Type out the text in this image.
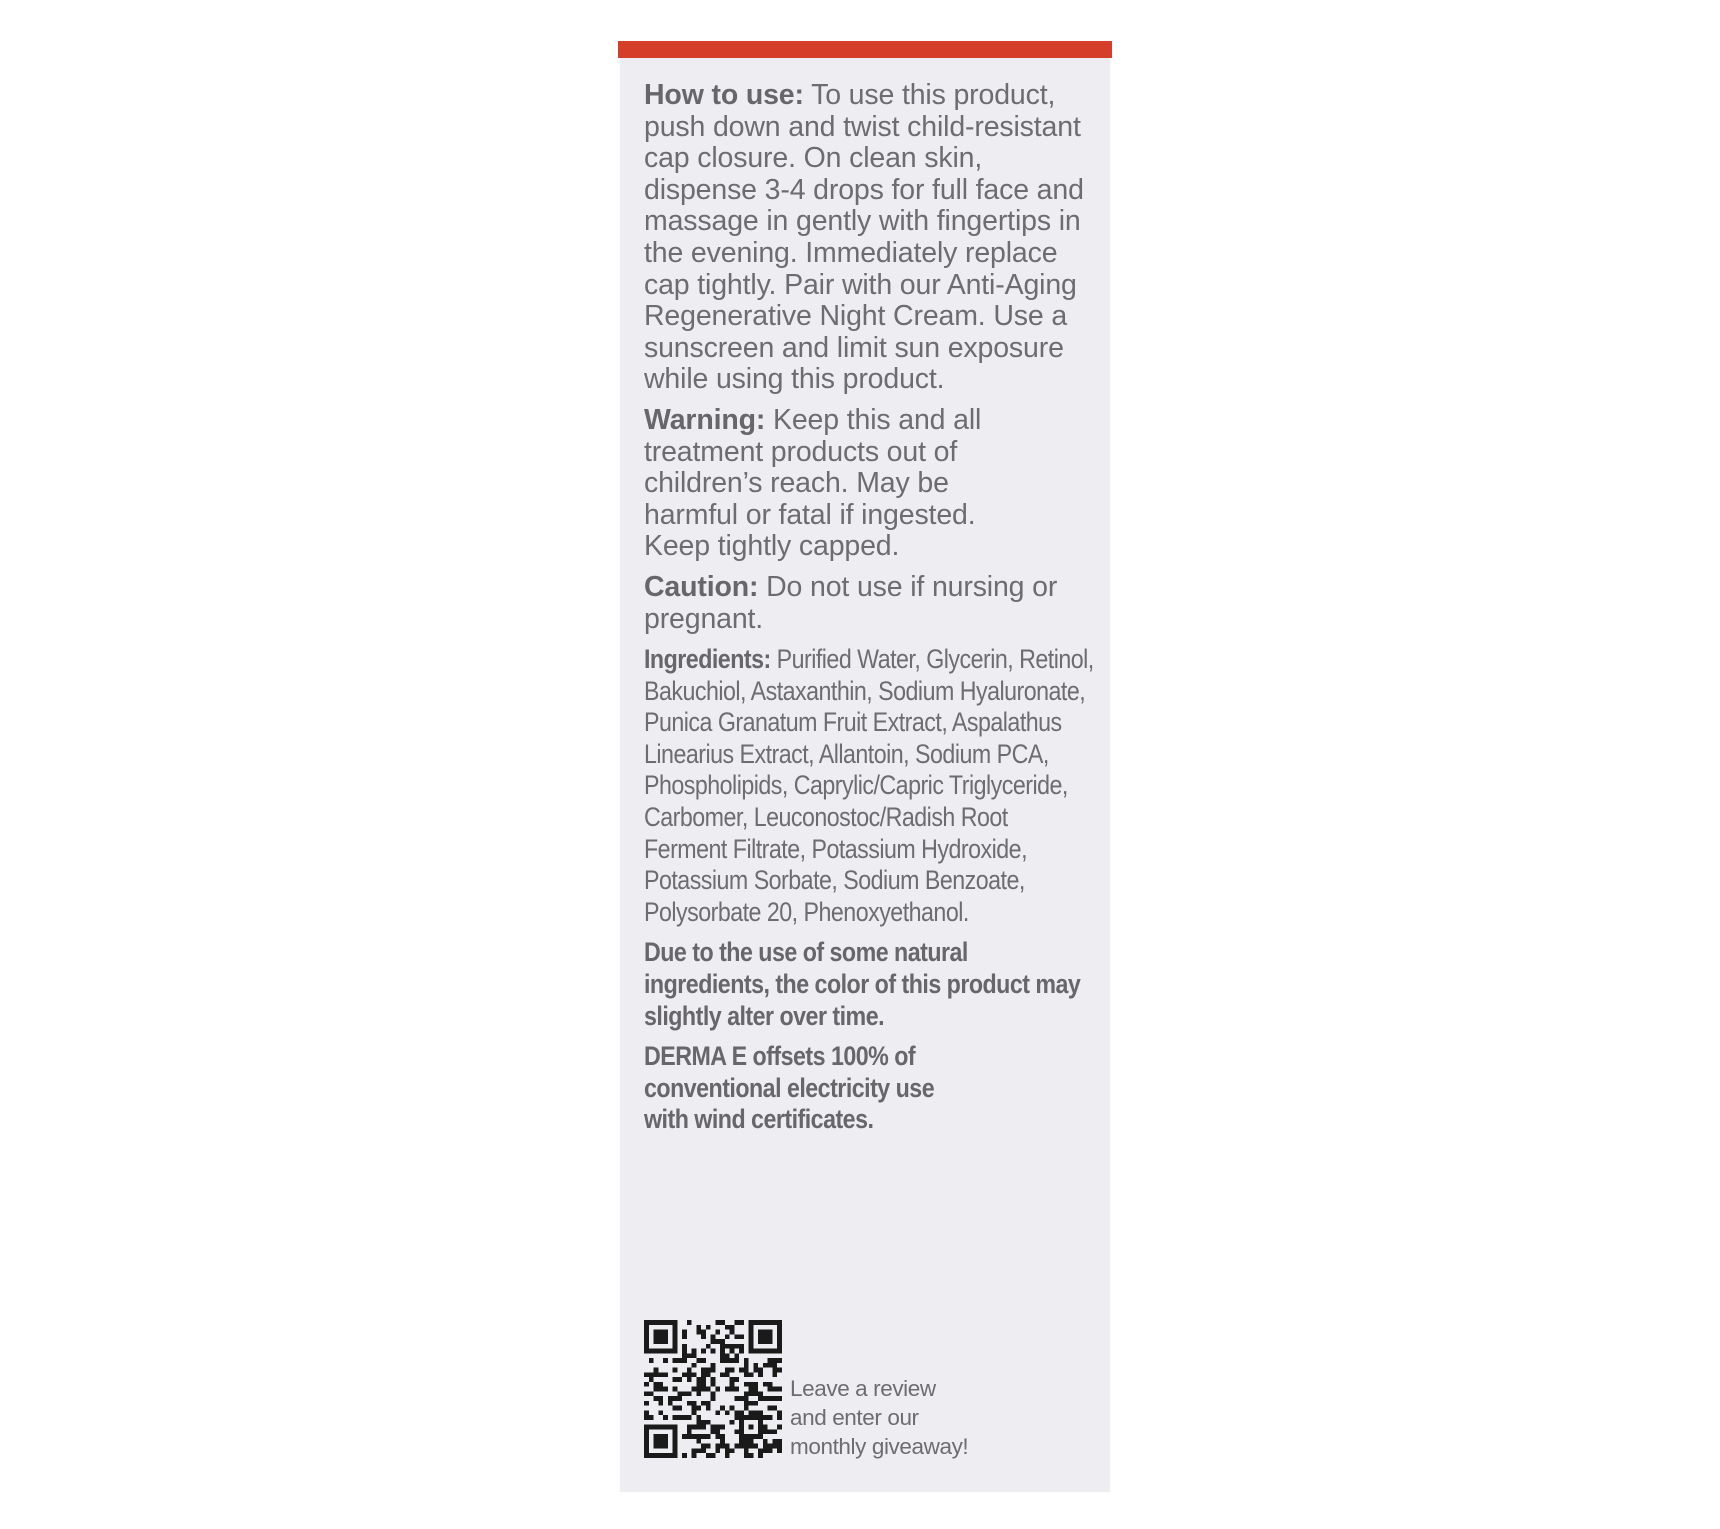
How to use: To use this product, push down and twist child-resistant cap closure. On clean skin, dispense 3-4 drops for full face and massage in gently with fingertips in the evening. Immediately replace cap tightly. Pair with our Anti-Aging Regenerative Night Cream. Use a sunscreen and limit sun exposure while using this product.

Warning: Keep this and all treatment products out of children’s reach. May be harmful or fatal if ingested. Keep tightly capped.

Caution: Do not use if nursing or pregnant.

Ingredients: Purified Water, Glycerin, Retinol, Bakuchiol, Astaxanthin, Sodium Hyaluronate, Punica Granatum Fruit Extract, Aspalathus Linearius Extract, Allantoin, Sodium PCA, Phospholipids, Caprylic/Capric Triglyceride, Carbomer, Leuconostoc/Radish Root Ferment Filtrate, Potassium Hydroxide, Potassium Sorbate, Sodium Benzoate, Polysorbate 20, Phenoxyethanol.

Due to the use of some natural ingredients, the color of this product may slightly alter over time.

DERMA E offsets 100% of conventional electricity use with wind certificates.

Leave a review
and enter our
monthly giveaway!
